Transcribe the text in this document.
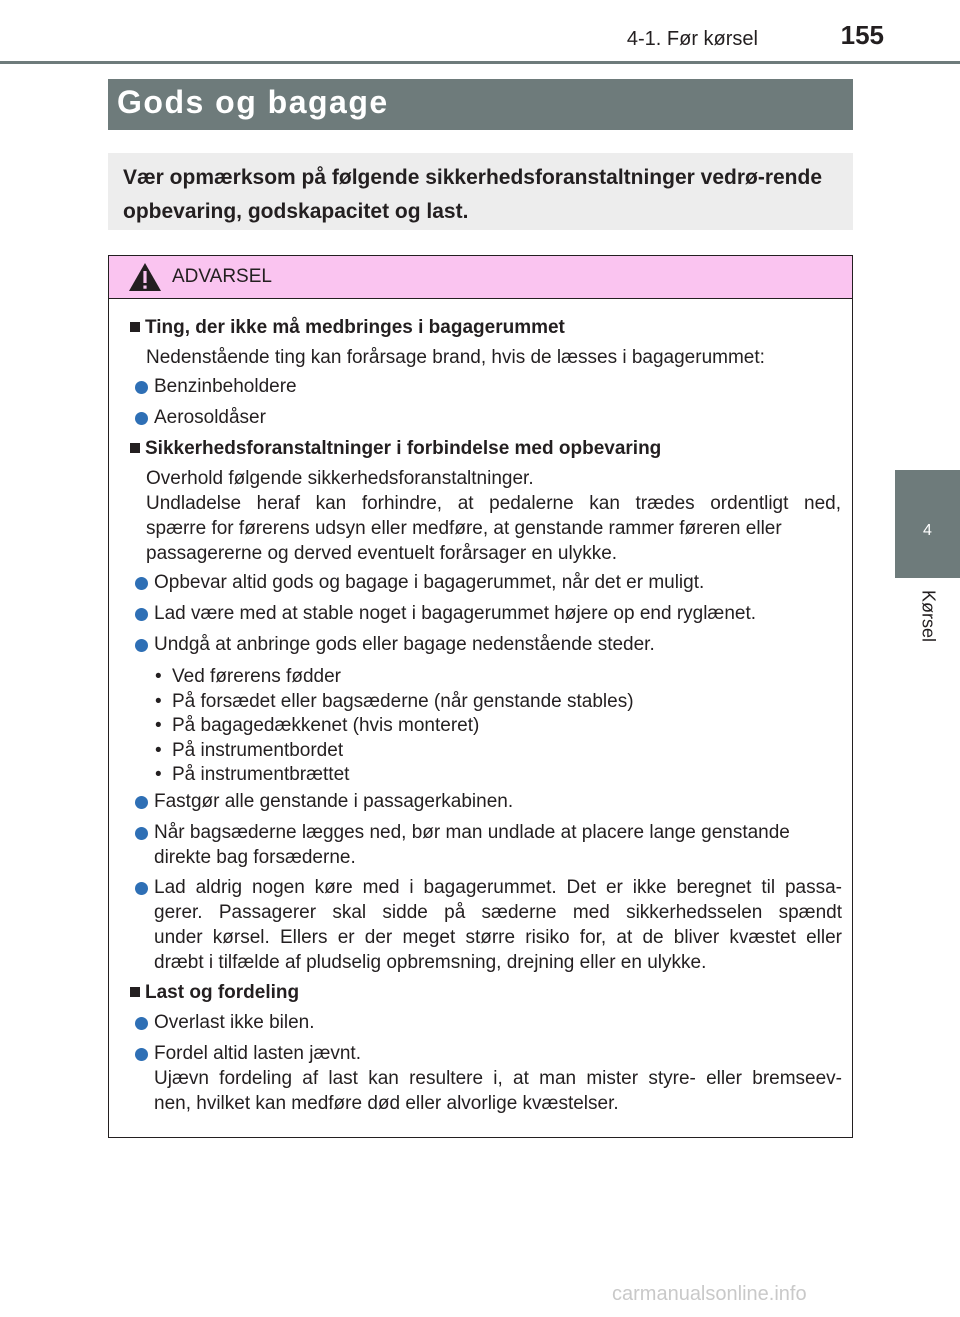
4-1. Før kørsel	155
4
Kørsel
Gods og bagage

Vær opmærksom på følgende sikkerhedsforanstaltninger vedrø-rende opbevaring, godskapacitet og last.

ADVARSEL
Ting, der ikke må medbringes i bagagerummet
Nedenstående ting kan forårsage brand, hvis de læsses i bagagerummet:
Benzinbeholdere
Aerosoldåser
Sikkerhedsforanstaltninger i forbindelse med opbevaring
Overhold følgende sikkerhedsforanstaltninger.
Undladelse heraf kan forhindre, at pedalerne kan trædes ordentligt ned,
spærre for førerens udsyn eller medføre, at genstande rammer føreren eller
passagererne og derved eventuelt forårsager en ulykke.
Opbevar altid gods og bagage i bagagerummet, når det er muligt.
Lad være med at stable noget i bagagerummet højere op end ryglænet.
Undgå at anbringe gods eller bagage nedenstående steder.
• Ved førerens fødder
• På forsædet eller bagsæderne (når genstande stables)
• På bagagedækkenet (hvis monteret)
• På instrumentbordet
• På instrumentbrættet
Fastgør alle genstande i passagerkabinen.
Når bagsæderne lægges ned, bør man undlade at placere lange genstande
direkte bag forsæderne.
Lad aldrig nogen køre med i bagagerummet. Det er ikke beregnet til passa-
gerer. Passagerer skal sidde på sæderne med sikkerhedsselen spændt
under kørsel. Ellers er der meget større risiko for, at de bliver kvæstet eller
dræbt i tilfælde af pludselig opbremsning, drejning eller en ulykke.
Last og fordeling
Overlast ikke bilen.
Fordel altid lasten jævnt.
Ujævn fordeling af last kan resultere i, at man mister styre- eller bremseev-
nen, hvilket kan medføre død eller alvorlige kvæstelser.
carmanualsonline.info
